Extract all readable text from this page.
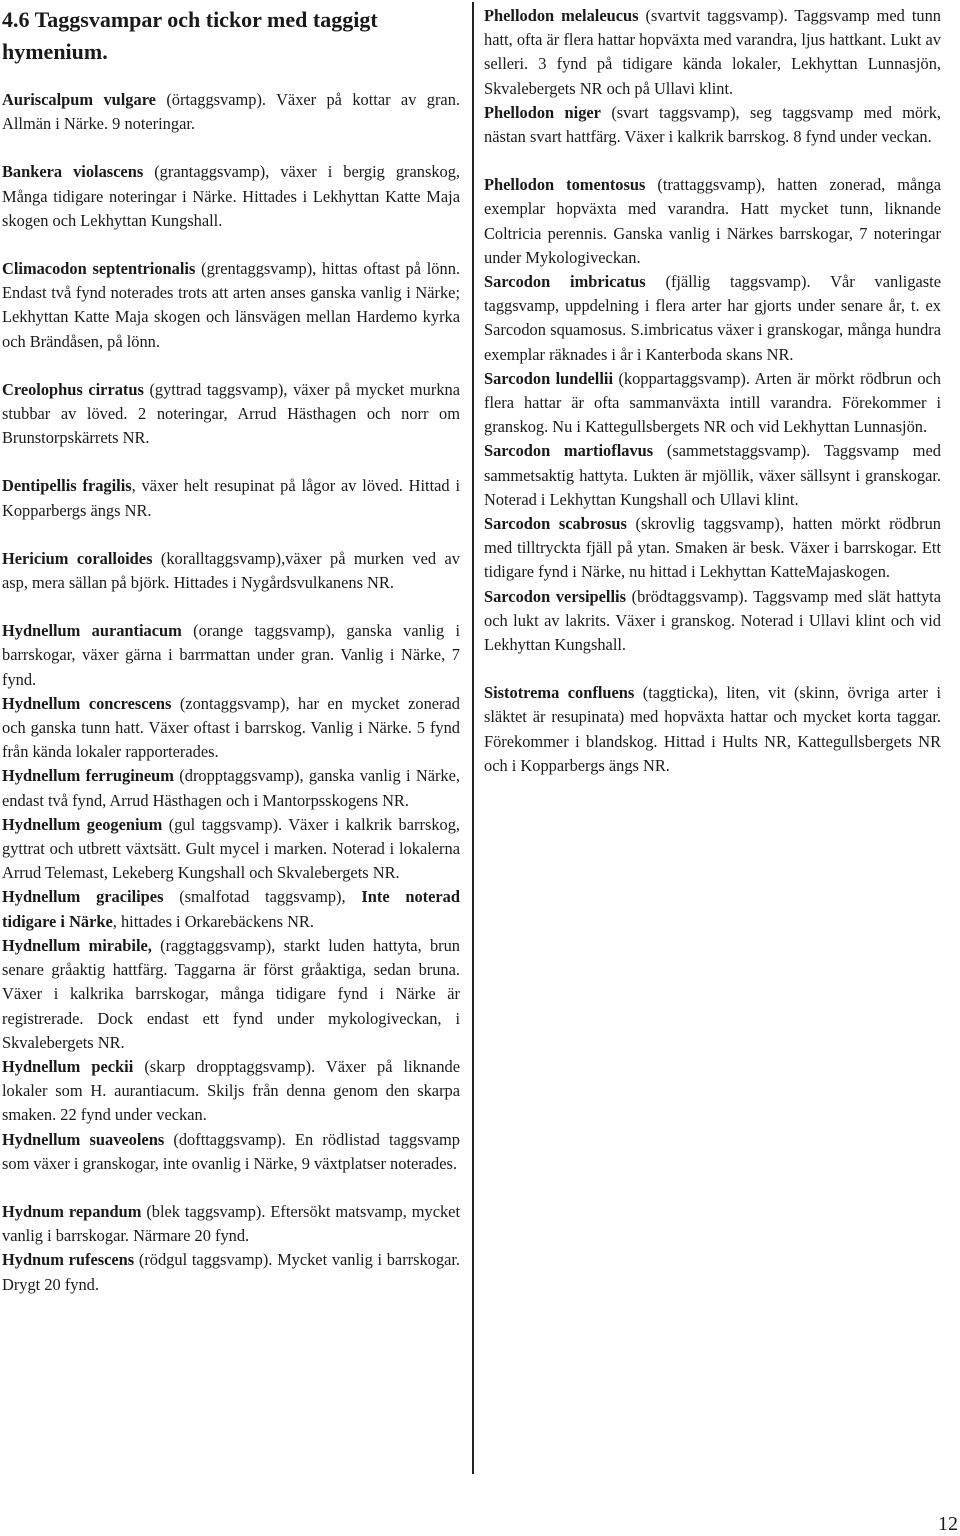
4.6 Taggsvampar och tickor med taggigt hymenium.

Auriscalpum vulgare (örtaggsvamp). Växer på kottar av gran. Allmän i Närke. 9 noteringar.

Bankera violascens (grantaggsvamp), växer i bergig granskog, Många tidigare noteringar i Närke. Hittades i Lekhyttan Katte Maja skogen och Lekhyttan Kungshall.

Climacodon septentrionalis (grentaggsvamp), hittas oftast på lönn. Endast två fynd noterades trots att arten anses ganska vanlig i Närke; Lekhyttan Katte Maja skogen och länsvägen mellan Hardemo kyrka och Brändåsen, på lönn.

Creolophus cirratus (gyttrad taggsvamp), växer på mycket murkna stubbar av löved. 2 noteringar, Arrud Hästhagen och norr om Brunstorpskärrets NR.

Dentipellis fragilis, växer helt resupinat på lågor av löved. Hittad i Kopparbergs ängs NR.

Hericium coralloides (koralltaggsvamp),växer på murken ved av asp, mera sällan på björk. Hittades i Nygårdsvulkanens NR.

Hydnellum aurantiacum (orange taggsvamp), ganska vanlig i barrskogar, växer gärna i barrmattan under gran. Vanlig i Närke, 7 fynd.

Hydnellum concrescens (zontaggsvamp), har en mycket zonerad och ganska tunn hatt. Växer oftast i barrskog. Vanlig i Närke. 5 fynd från kända lokaler rapporterades.

Hydnellum ferrugineum (dropptaggsvamp), ganska vanlig i Närke, endast två fynd, Arrud Hästhagen och i Mantorpsskogens NR.

Hydnellum geogenium (gul taggsvamp). Växer i kalkrik barrskog, gyttrat och utbrett växtsätt. Gult mycel i marken. Noterad i lokalerna Arrud Telemast, Lekeberg Kungshall och Skvalebergets NR.

Hydnellum gracilipes (smalfotad taggsvamp), Inte noterad tidigare i Närke, hittades i Orkarebäckens NR.

Hydnellum mirabile, (raggtaggsvamp), starkt luden hattyta, brun senare gråaktig hattfärg. Taggarna är först gråaktiga, sedan bruna. Växer i kalkrika barrskogar, många tidigare fynd i Närke är registrerade. Dock endast ett fynd under mykologiveckan, i Skvalebergets NR.

Hydnellum peckii (skarp dropptaggsvamp). Växer på liknande lokaler som H. aurantiacum. Skiljs från denna genom den skarpa smaken. 22 fynd under veckan.

Hydnellum suaveolens (dofttaggsvamp). En rödlistad taggsvamp som växer i granskogar, inte ovanlig i Närke, 9 växtplatser noterades.

Hydnum repandum (blek taggsvamp). Eftersökt matsvamp, mycket vanlig i barrskogar. Närmare 20 fynd.

Hydnum rufescens (rödgul taggsvamp). Mycket vanlig i barrskogar. Drygt 20 fynd.

Phellodon melaleucus (svartvit taggsvamp). Taggsvamp med tunn hatt, ofta är flera hattar hopväxta med varandra, ljus hattkant. Lukt av selleri. 3 fynd på tidigare kända lokaler, Lekhyttan Lunnasjön, Skvalebergets NR och på Ullavi klint.

Phellodon niger (svart taggsvamp), seg taggsvamp med mörk, nästan svart hattfärg. Växer i kalkrik barrskog. 8 fynd under veckan.

Phellodon tomentosus (trattaggsvamp), hatten zonerad, många exemplar hopväxta med varandra. Hatt mycket tunn, liknande Coltricia perennis. Ganska vanlig i Närkes barrskogar, 7 noteringar under Mykologiveckan.

Sarcodon imbricatus (fjällig taggsvamp). Vår vanligaste taggsvamp, uppdelning i flera arter har gjorts under senare år, t. ex Sarcodon squamosus. S.imbricatus växer i granskogar, många hundra exemplar räknades i år i Kanterboda skans NR.

Sarcodon lundellii (koppartaggsvamp). Arten är mörkt rödbrun och flera hattar är ofta sammanväxta intill varandra. Förekommer i granskog. Nu i Kattegullsbergets NR och vid Lekhyttan Lunnasjön.

Sarcodon martioflavus (sammetstaggsvamp). Taggsvamp med sammetsaktig hattyta. Lukten är mjöllik, växer sällsynt i granskogar. Noterad i Lekhyttan Kungshall och Ullavi klint.

Sarcodon scabrosus (skrovlig taggsvamp), hatten mörkt rödbrun med tilltryckta fjäll på ytan. Smaken är besk. Växer i barrskogar. Ett tidigare fynd i Närke, nu hittad i Lekhyttan KatteMajaskogen.

Sarcodon versipellis (brödtaggsvamp). Taggsvamp med slät hattyta och lukt av lakrits. Växer i granskog. Noterad i Ullavi klint och vid Lekhyttan Kungshall.

Sistotrema confluens (taggticka), liten, vit (skinn, övriga arter i släktet är resupinata) med hopväxta hattar och mycket korta taggar. Förekommer i blandskog. Hittad i Hults NR, Kattegullsbergets NR och i Kopparbergs ängs NR.

12
